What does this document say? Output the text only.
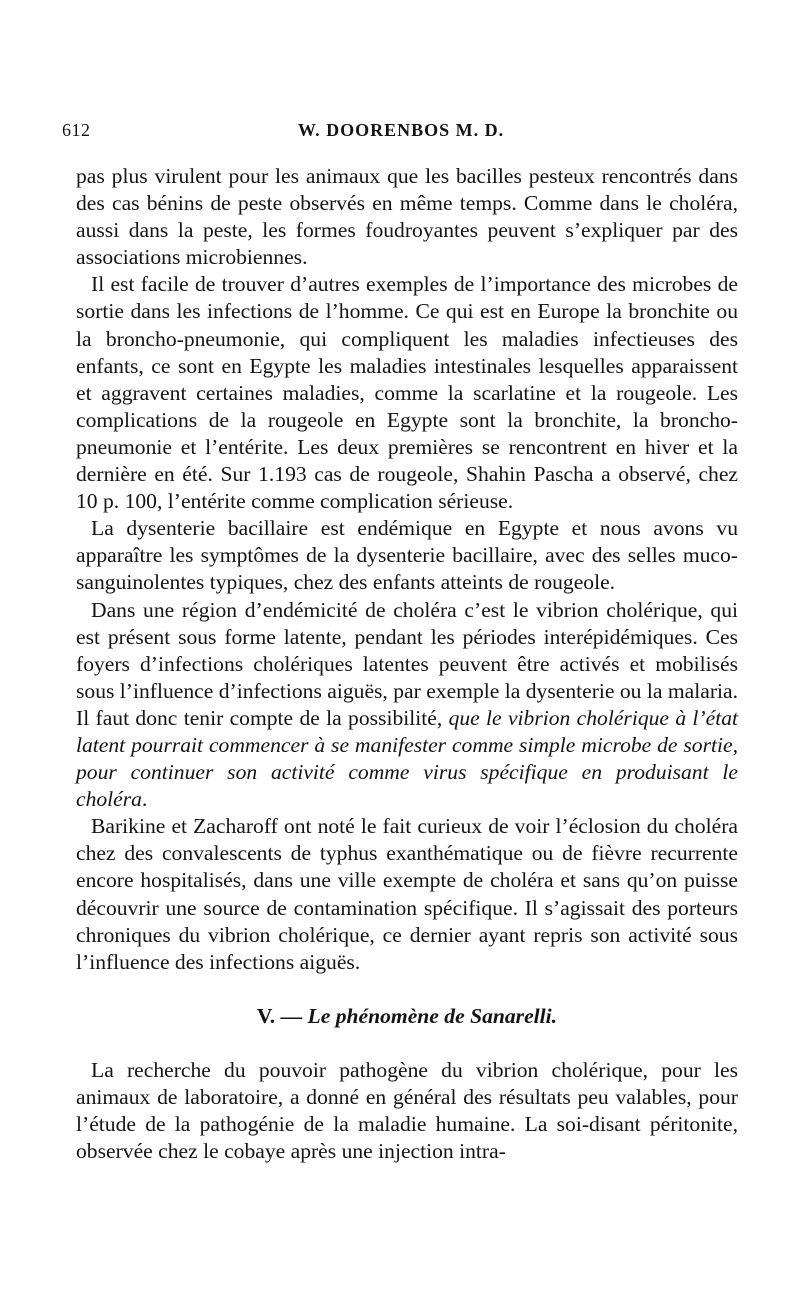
612	W. DOORENBOS M. D.

pas plus virulent pour les animaux que les bacilles pesteux rencontrés dans des cas bénins de peste observés en même temps. Comme dans le choléra, aussi dans la peste, les formes foudroyantes peuvent s’expliquer par des associations microbiennes.

Il est facile de trouver d’autres exemples de l’importance des microbes de sortie dans les infections de l’homme. Ce qui est en Europe la bronchite ou la broncho-pneumonie, qui compliquent les maladies infectieuses des enfants, ce sont en Egypte les maladies intestinales lesquelles apparaissent et aggravent certaines maladies, comme la scarlatine et la rougeole. Les complications de la rougeole en Egypte sont la bronchite, la broncho-pneumonie et l’entérite. Les deux premières se rencontrent en hiver et la dernière en été. Sur 1.193 cas de rougeole, Shahin Pascha a observé, chez 10 p. 100, l’entérite comme complication sérieuse.

La dysenterie bacillaire est endémique en Egypte et nous avons vu apparaître les symptômes de la dysenterie bacillaire, avec des selles muco-sanguinolentes typiques, chez des enfants atteints de rougeole.

Dans une région d’endémicité de choléra c’est le vibrion cholérique, qui est présent sous forme latente, pendant les périodes interépidémiques. Ces foyers d’infections cholériques latentes peuvent être activés et mobilisés sous l’influence d’infections aiguës, par exemple la dysenterie ou la malaria. Il faut donc tenir compte de la possibilité, que le vibrion cholérique à l’état latent pourrait commencer à se manifester comme simple microbe de sortie, pour continuer son activité comme virus spécifique en produisant le choléra.

Barikine et Zacharoff ont noté le fait curieux de voir l’éclosion du choléra chez des convalescents de typhus exanthématique ou de fièvre recurrente encore hospitalisés, dans une ville exempte de choléra et sans qu’on puisse découvrir une source de contamination spécifique. Il s’agissait des porteurs chroniques du vibrion cholérique, ce dernier ayant repris son activité sous l’influence des infections aiguës.

V. — Le phénomène de Sanarelli.

La recherche du pouvoir pathogène du vibrion cholérique, pour les animaux de laboratoire, a donné en général des résultats peu valables, pour l’étude de la pathogénie de la maladie humaine. La soi-disant péritonite, observée chez le cobaye après une injection intra-
